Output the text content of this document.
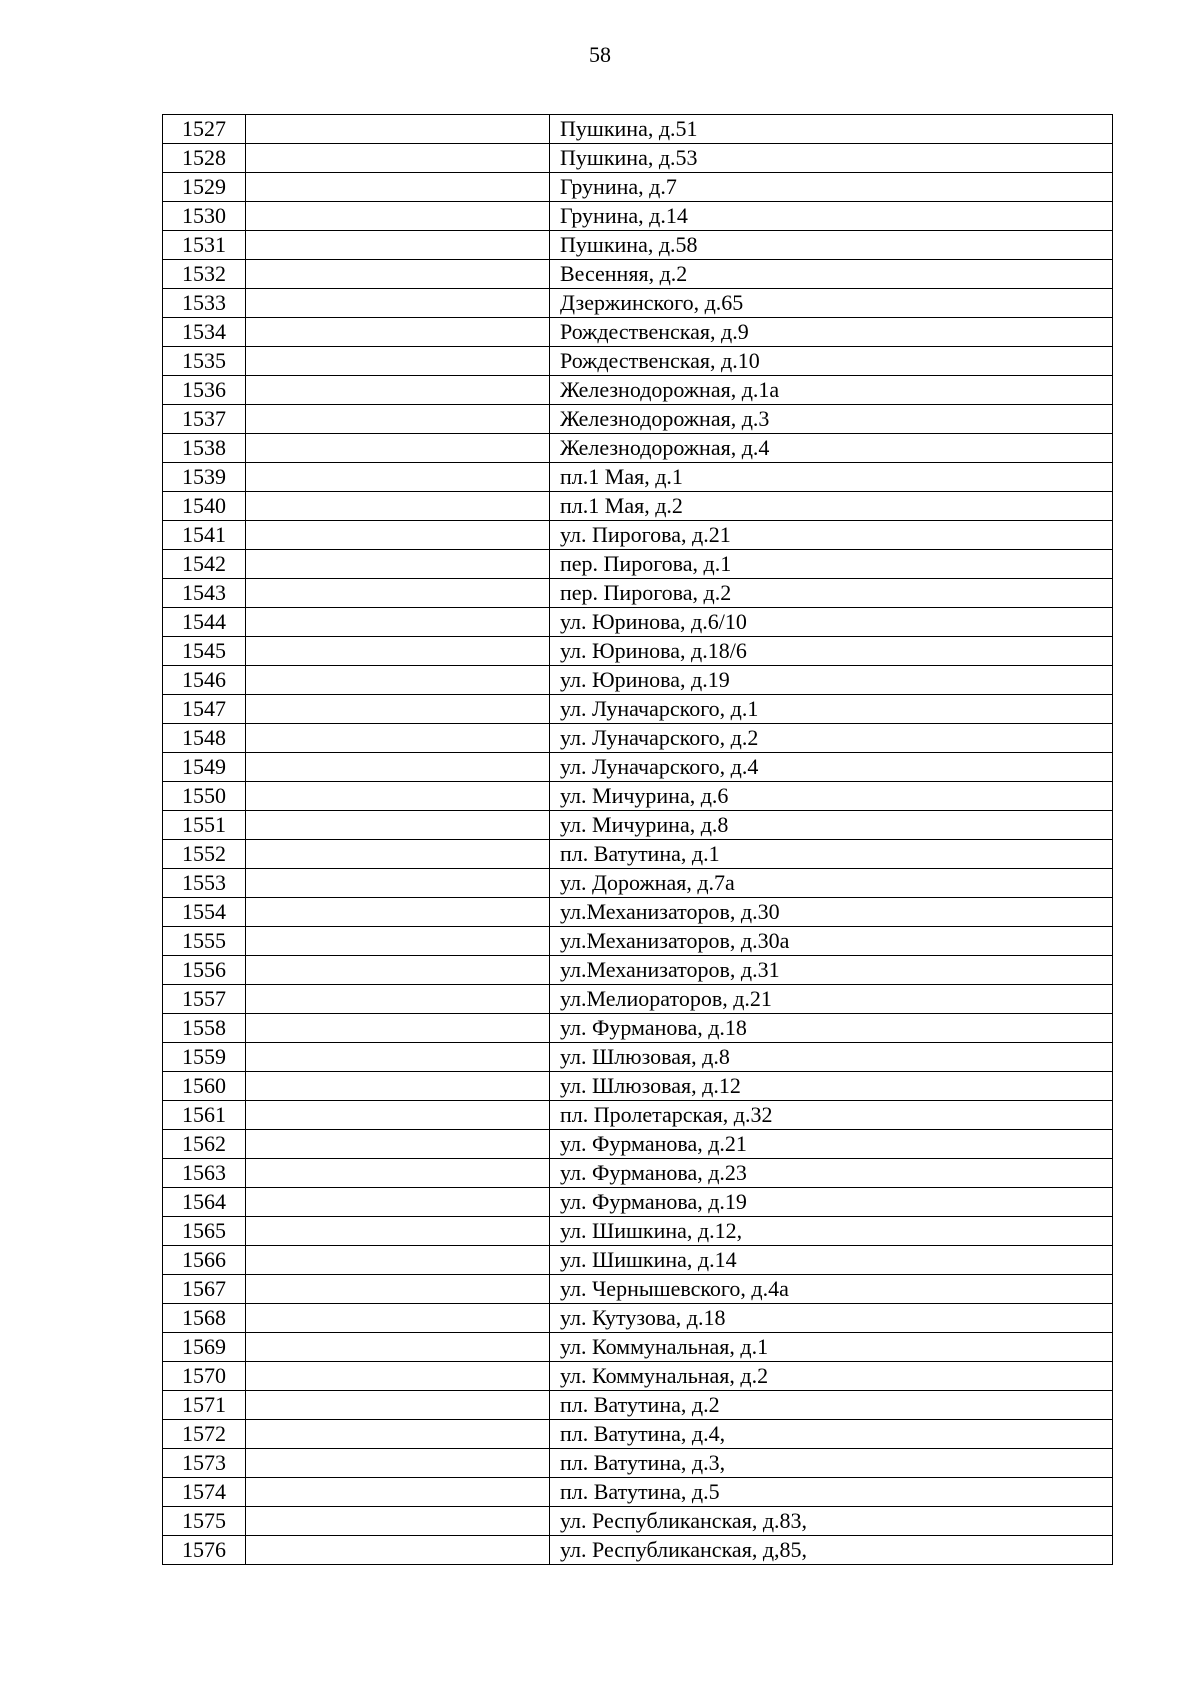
58
1527		Пушкина, д.51
1528		Пушкина, д.53
1529		Грунина, д.7
1530		Грунина, д.14
1531		Пушкина, д.58
1532		Весенняя, д.2
1533		Дзержинского, д.65
1534		Рождественская, д.9
1535		Рождественская, д.10
1536		Железнодорожная, д.1а
1537		Железнодорожная, д.3
1538		Железнодорожная, д.4
1539		пл.1 Мая, д.1
1540		пл.1 Мая, д.2
1541		ул. Пирогова, д.21
1542		пер. Пирогова, д.1
1543		пер. Пирогова, д.2
1544		ул. Юринова, д.6/10
1545		ул. Юринова, д.18/6
1546		ул. Юринова, д.19
1547		ул. Луначарского, д.1
1548		ул. Луначарского, д.2
1549		ул. Луначарского, д.4
1550		ул. Мичурина, д.6
1551		ул. Мичурина, д.8
1552		пл. Ватутина, д.1
1553		ул. Дорожная, д.7а
1554		ул.Механизаторов, д.30
1555		ул.Механизаторов, д.30а
1556		ул.Механизаторов, д.31
1557		ул.Мелиораторов, д.21
1558		ул. Фурманова, д.18
1559		ул. Шлюзовая, д.8
1560		ул. Шлюзовая, д.12
1561		пл. Пролетарская, д.32
1562		ул. Фурманова, д.21
1563		ул. Фурманова, д.23
1564		ул. Фурманова, д.19
1565		ул. Шишкина, д.12,
1566		ул. Шишкина, д.14
1567		ул. Чернышевского, д.4а
1568		ул. Кутузова, д.18
1569		ул. Коммунальная, д.1
1570		ул. Коммунальная, д.2
1571		пл. Ватутина, д.2
1572		пл. Ватутина, д.4,
1573		пл. Ватутина, д.3,
1574		пл. Ватутина, д.5
1575		ул. Республиканская, д.83,
1576		ул. Республиканская, д,85,
